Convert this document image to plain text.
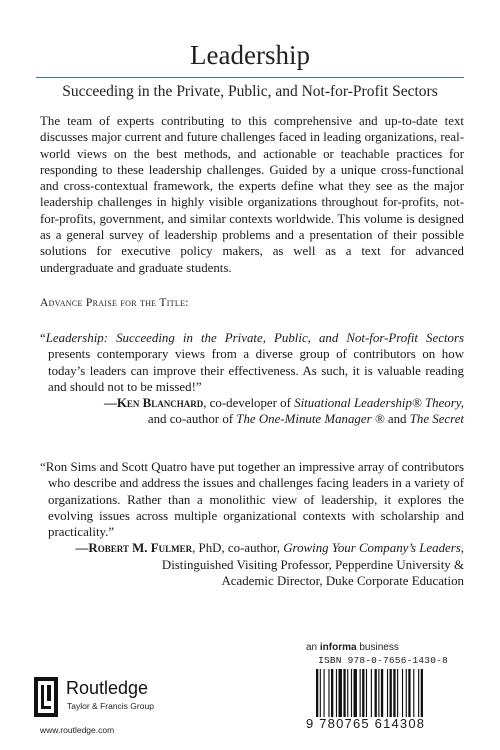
Leadership
Succeeding in the Private, Public, and Not-for-Profit Sectors

The team of experts contributing to this comprehensive and up-to-date text discusses major current and future challenges faced in leading organizations, real-world views on the best methods, and actionable or teachable practices for responding to these leadership challenges. Guided by a unique cross-functional and cross-contextual framework, the experts define what they see as the major leadership challenges in highly visible organizations throughout for-profits, not-for-profits, government, and similar contexts worldwide. This volume is designed as a general survey of leadership problems and a presentation of their possible solutions for executive policy makers, as well as a text for advanced undergraduate and graduate students.

Advance Praise for the Title:

“Leadership: Succeeding in the Private, Public, and Not-for-Profit Sectors presents contemporary views from a diverse group of contributors on how today’s leaders can improve their effectiveness. As such, it is valuable reading and should not to be missed!”

—Ken Blanchard, co-developer of Situational Leadership® Theory,

and co-author of The One-Minute Manager ® and The Secret

“Ron Sims and Scott Quatro have put together an impressive array of contributors who describe and address the issues and challenges facing leaders in a variety of organizations. Rather than a monolithic view of leadership, it explores the evolving issues across multiple organizational contexts with scholarship and practicality.”

—Robert M. Fulmer, PhD, co-author, Growing Your Company’s Leaders,

Distinguished Visiting Professor, Pepperdine University &

Academic Director, Duke Corporate Education

Routledge
Taylor & Francis Group
www.routledge.com
an informa business
ISBN 978-0-7656-1430-8
9 780765 614308
